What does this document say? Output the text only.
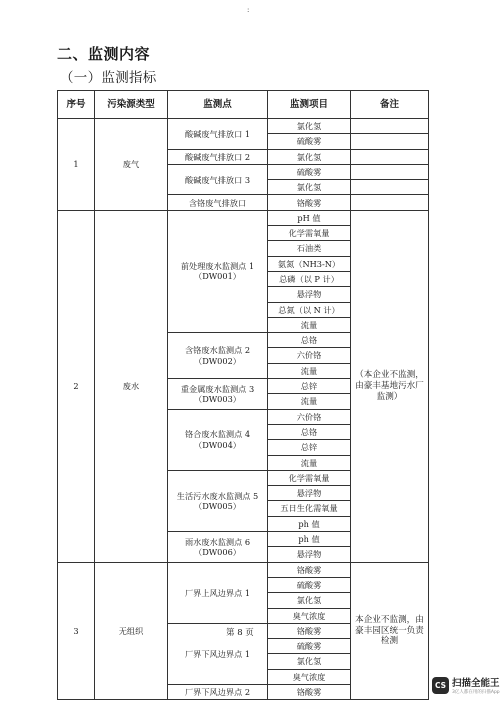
:
二、监测内容
（一）监测指标
序号	污染源类型	监测点	监测项目	备注
1	废气	酸碱废气排放口 1	氯化氢	
			硫酸雾	
		酸碱废气排放口 2	氯化氢	
		酸碱废气排放口 3	硫酸雾	
			氯化氢	
		含铬废气排放口	铬酸雾	
2	废水	前处理废水监测点 1 （DW001）	pH 值	（本企业不监测，由豪丰基地污水厂监测）
			化学需氧量	
			石油类	
			氨氮（NH3-N）	
			总磷（以 P 计）	
			悬浮物	
			总氮（以 N 计）	
			流量	
		含铬废水监测点 2 （DW002）	总铬	
			六价铬	
			流量	
		重金属废水监测点 3 （DW003）	总锌	
			流量	
		铬合废水监测点 4 （DW004）	六价铬	
			总铬	
			总锌	
			流量	
		生活污水废水监测点 5（DW005）	化学需氧量	
			悬浮物	
			五日生化需氧量	
			ph 值	
		雨水废水监测点 6 （DW006）	ph 值	
			悬浮物	
3	无组织	厂界上风边界点 1	铬酸雾	本企业不监测，由豪丰园区统一负责检测
			硫酸雾	
			氯化氢	
			臭气浓度	
		厂界下风边界点 1	铬酸雾	
			硫酸雾	
			氯化氢	
			臭气浓度	
		厂界下风边界点 2	铬酸雾	
第 8 页
CS 扫描全能王
3亿人都在用的扫描App
